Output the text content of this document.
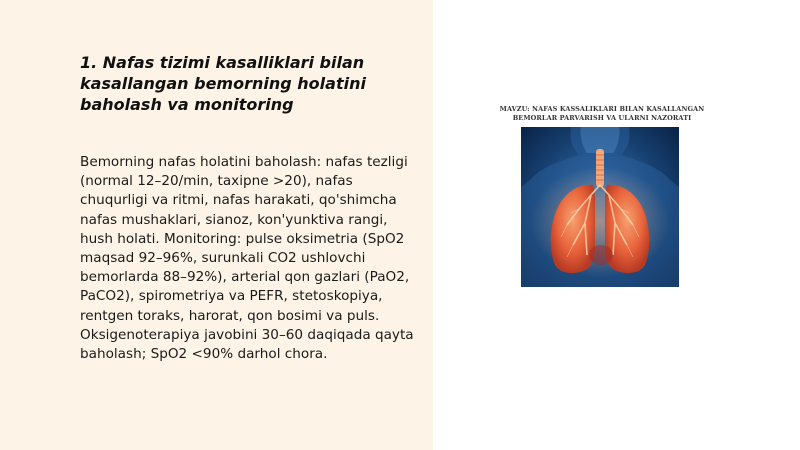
1. Nafas tizimi kasalliklari bilan kasallangan bemorning holatini baholash va monitoring

Bemorning nafas holatini baholash: nafas tezligi (normal 12–20/min, taxipne >20), nafas chuqurligi va ritmi, nafas harakati, qo'shimcha nafas mushaklari, sianoz, kon'yunktiva rangi, hush holati. Monitoring: pulse oksimetria (SpO2 maqsad 92–96%, surunkali CO2 ushlovchi bemorlarda 88–92%), arterial qon gazlari (PaO2, PaCO2), spirometriya va PEFR, stetoskopiya, rentgen toraks, harorat, qon bosimi va puls. Oksigenoterapiya javobini 30–60 daqiqada qayta baholash; SpO2 <90% darhol chora.

MAVZU: NAFAS KASSALIKLARI BILAN KASALLANGAN BEMORLAR PARVARISH VA ULARNI NAZORATI
